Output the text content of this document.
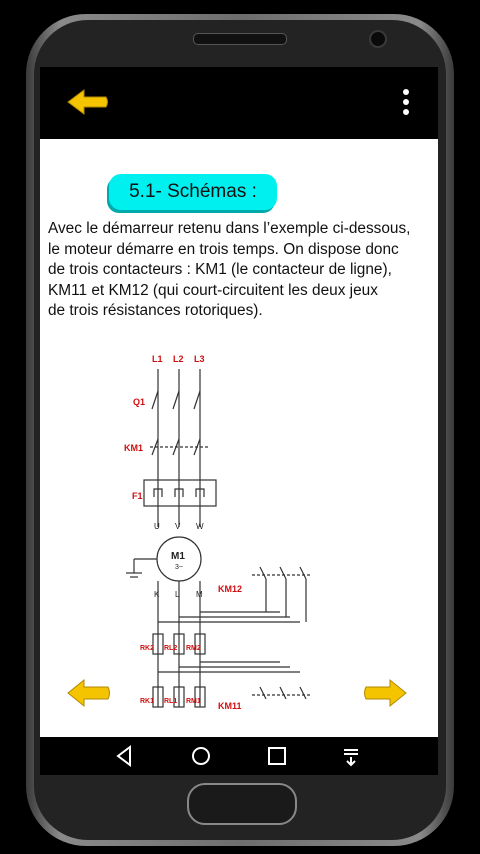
5.1- Schémas :
Avec le démarreur retenu dans l’exemple ci-dessous,
le moteur démarre en trois temps. On dispose donc
de trois contacteurs : KM1 (le contacteur de ligne),
KM11 et KM12 (qui court-circuitent les deux jeux
de trois résistances rotoriques).
L1 L2 L3
Q1
KM1
F1
KM12
KM11
U V W
M1
3~
K L M
RK2 RL2 RM2
RK1 RL1 RM1
